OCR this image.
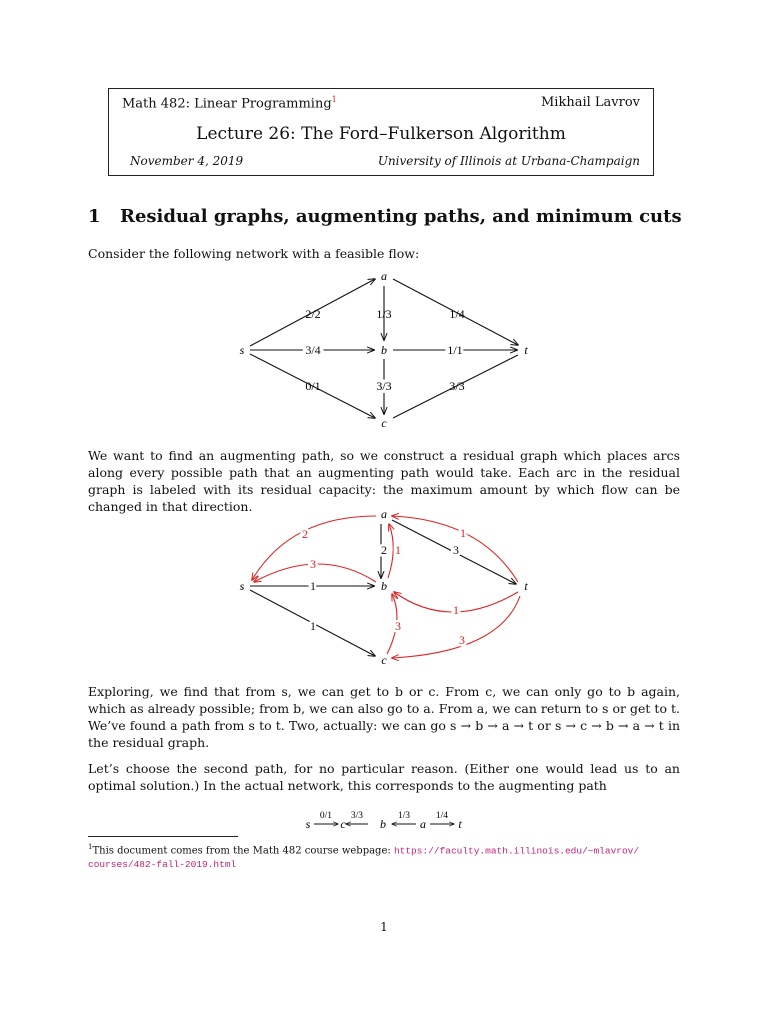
Math 482: Linear Programming$^1$	Mikhail Lavrov
Lecture 26: The Ford–Fulkerson Algorithm
November 4, 2019	University of Illinois at Urbana-Champaign
1 Residual graphs, augmenting paths, and minimum cuts
Consider the following network with a feasible flow:
s
a
b
c
t
2/2	1/3	1/4
3/4	1/1
0/1	3/3	3/3
We want to find an augmenting path, so we construct a residual graph which places arcs along every possible path that an augmenting path would take. Each arc in the residual graph is labeled with its residual capacity: the maximum amount by which flow can be changed in that direction.
s
a
b
c
t
2
3
1
2 1	3
1
1
1	3
3
Exploring, we find that from s, we can get to b or c. From c, we can only go to b again, which as already possible; from b, we can also go to a. From a, we can return to s or get to t. We’ve found a path from s to t. Two, actually: we can go s → b → a → t or s → c → b → a → t in the residual graph.
Let’s choose the second path, for no particular reason. (Either one would lead us to an optimal solution.) In the actual network, this corresponds to the augmenting path
s	c	b	a	t
0/1 3/3	1/3	1/4
$^1$This document comes from the Math 482 course webpage: https://faculty.math.illinois.edu/~mlavrov/
courses/482-fall-2019.html
1
